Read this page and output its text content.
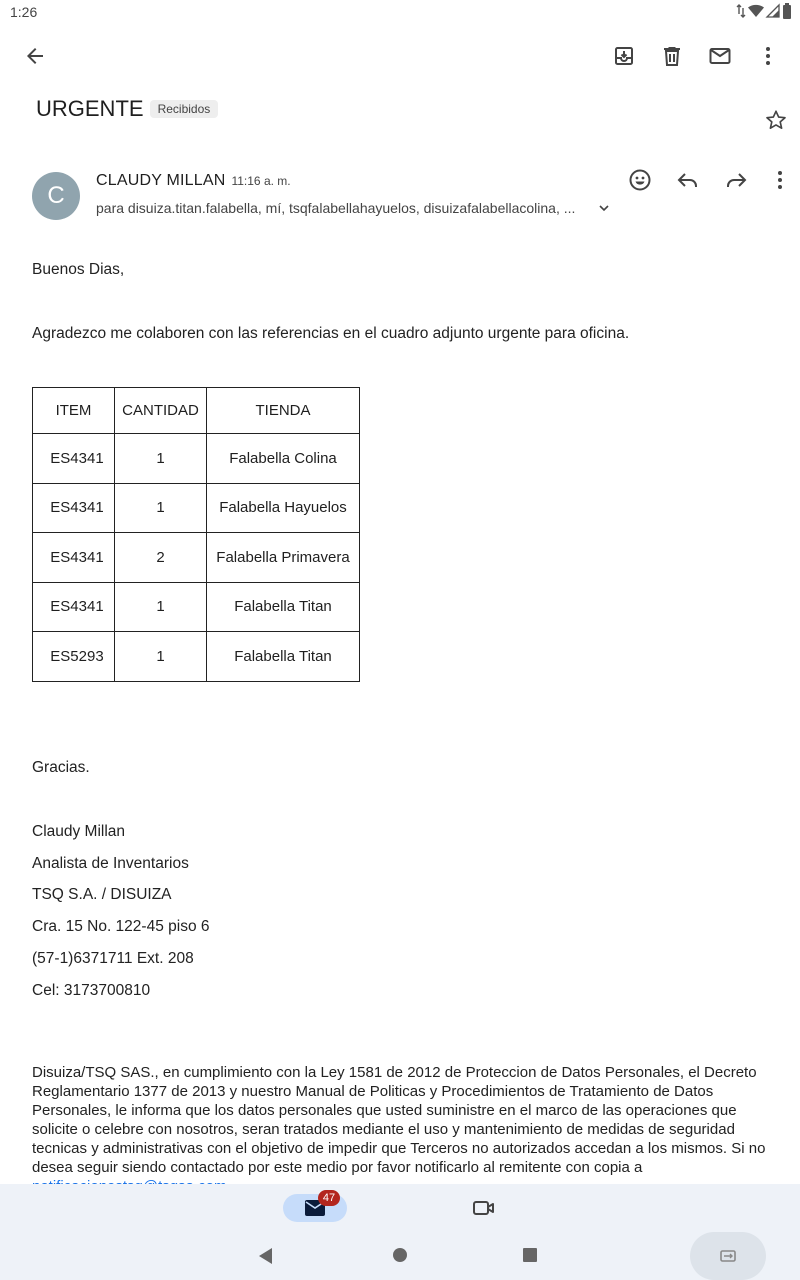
1:26
URGENTE	Recibidos
C
CLAUDY MILLAN 11:16 a. m.
para disuiza.titan.falabella, mí, tsqfalabellahayuelos, disuizafalabellacolina, ...
Buenos Dias,
Agradezco me colaboren con las referencias en el cuadro adjunto urgente para oficina.
Gracias.
Claudy Millan
Analista de Inventarios
TSQ S.A. / DISUIZA
Cra. 15 No. 122-45 piso 6
(57-1)6371711 Ext. 208
Cel: 3173700810
ITEM	CANTIDAD	TIENDA
ES4341	1	Falabella Colina
ES4341	1	Falabella Hayuelos
ES4341	2	Falabella Primavera
ES4341	1	Falabella Titan
ES5293	1	Falabella Titan
Disuiza/TSQ SAS., en cumplimiento con la Ley 1581 de 2012 de Proteccion de Datos Personales, el Decreto Reglamentario 1377 de 2013 y nuestro Manual de Politicas y Procedimientos de Tratamiento de Datos Personales, le informa que los datos personales que usted suministre en el marco de las operaciones que solicite o celebre con nosotros, seran tratados mediante el uso y mantenimiento de medidas de seguridad tecnicas y administrativas con el objetivo de impedir que Terceros no autorizados accedan a los mismos. Si no desea seguir siendo contactado por este medio por favor notificarlo al remitente con copia a
47
